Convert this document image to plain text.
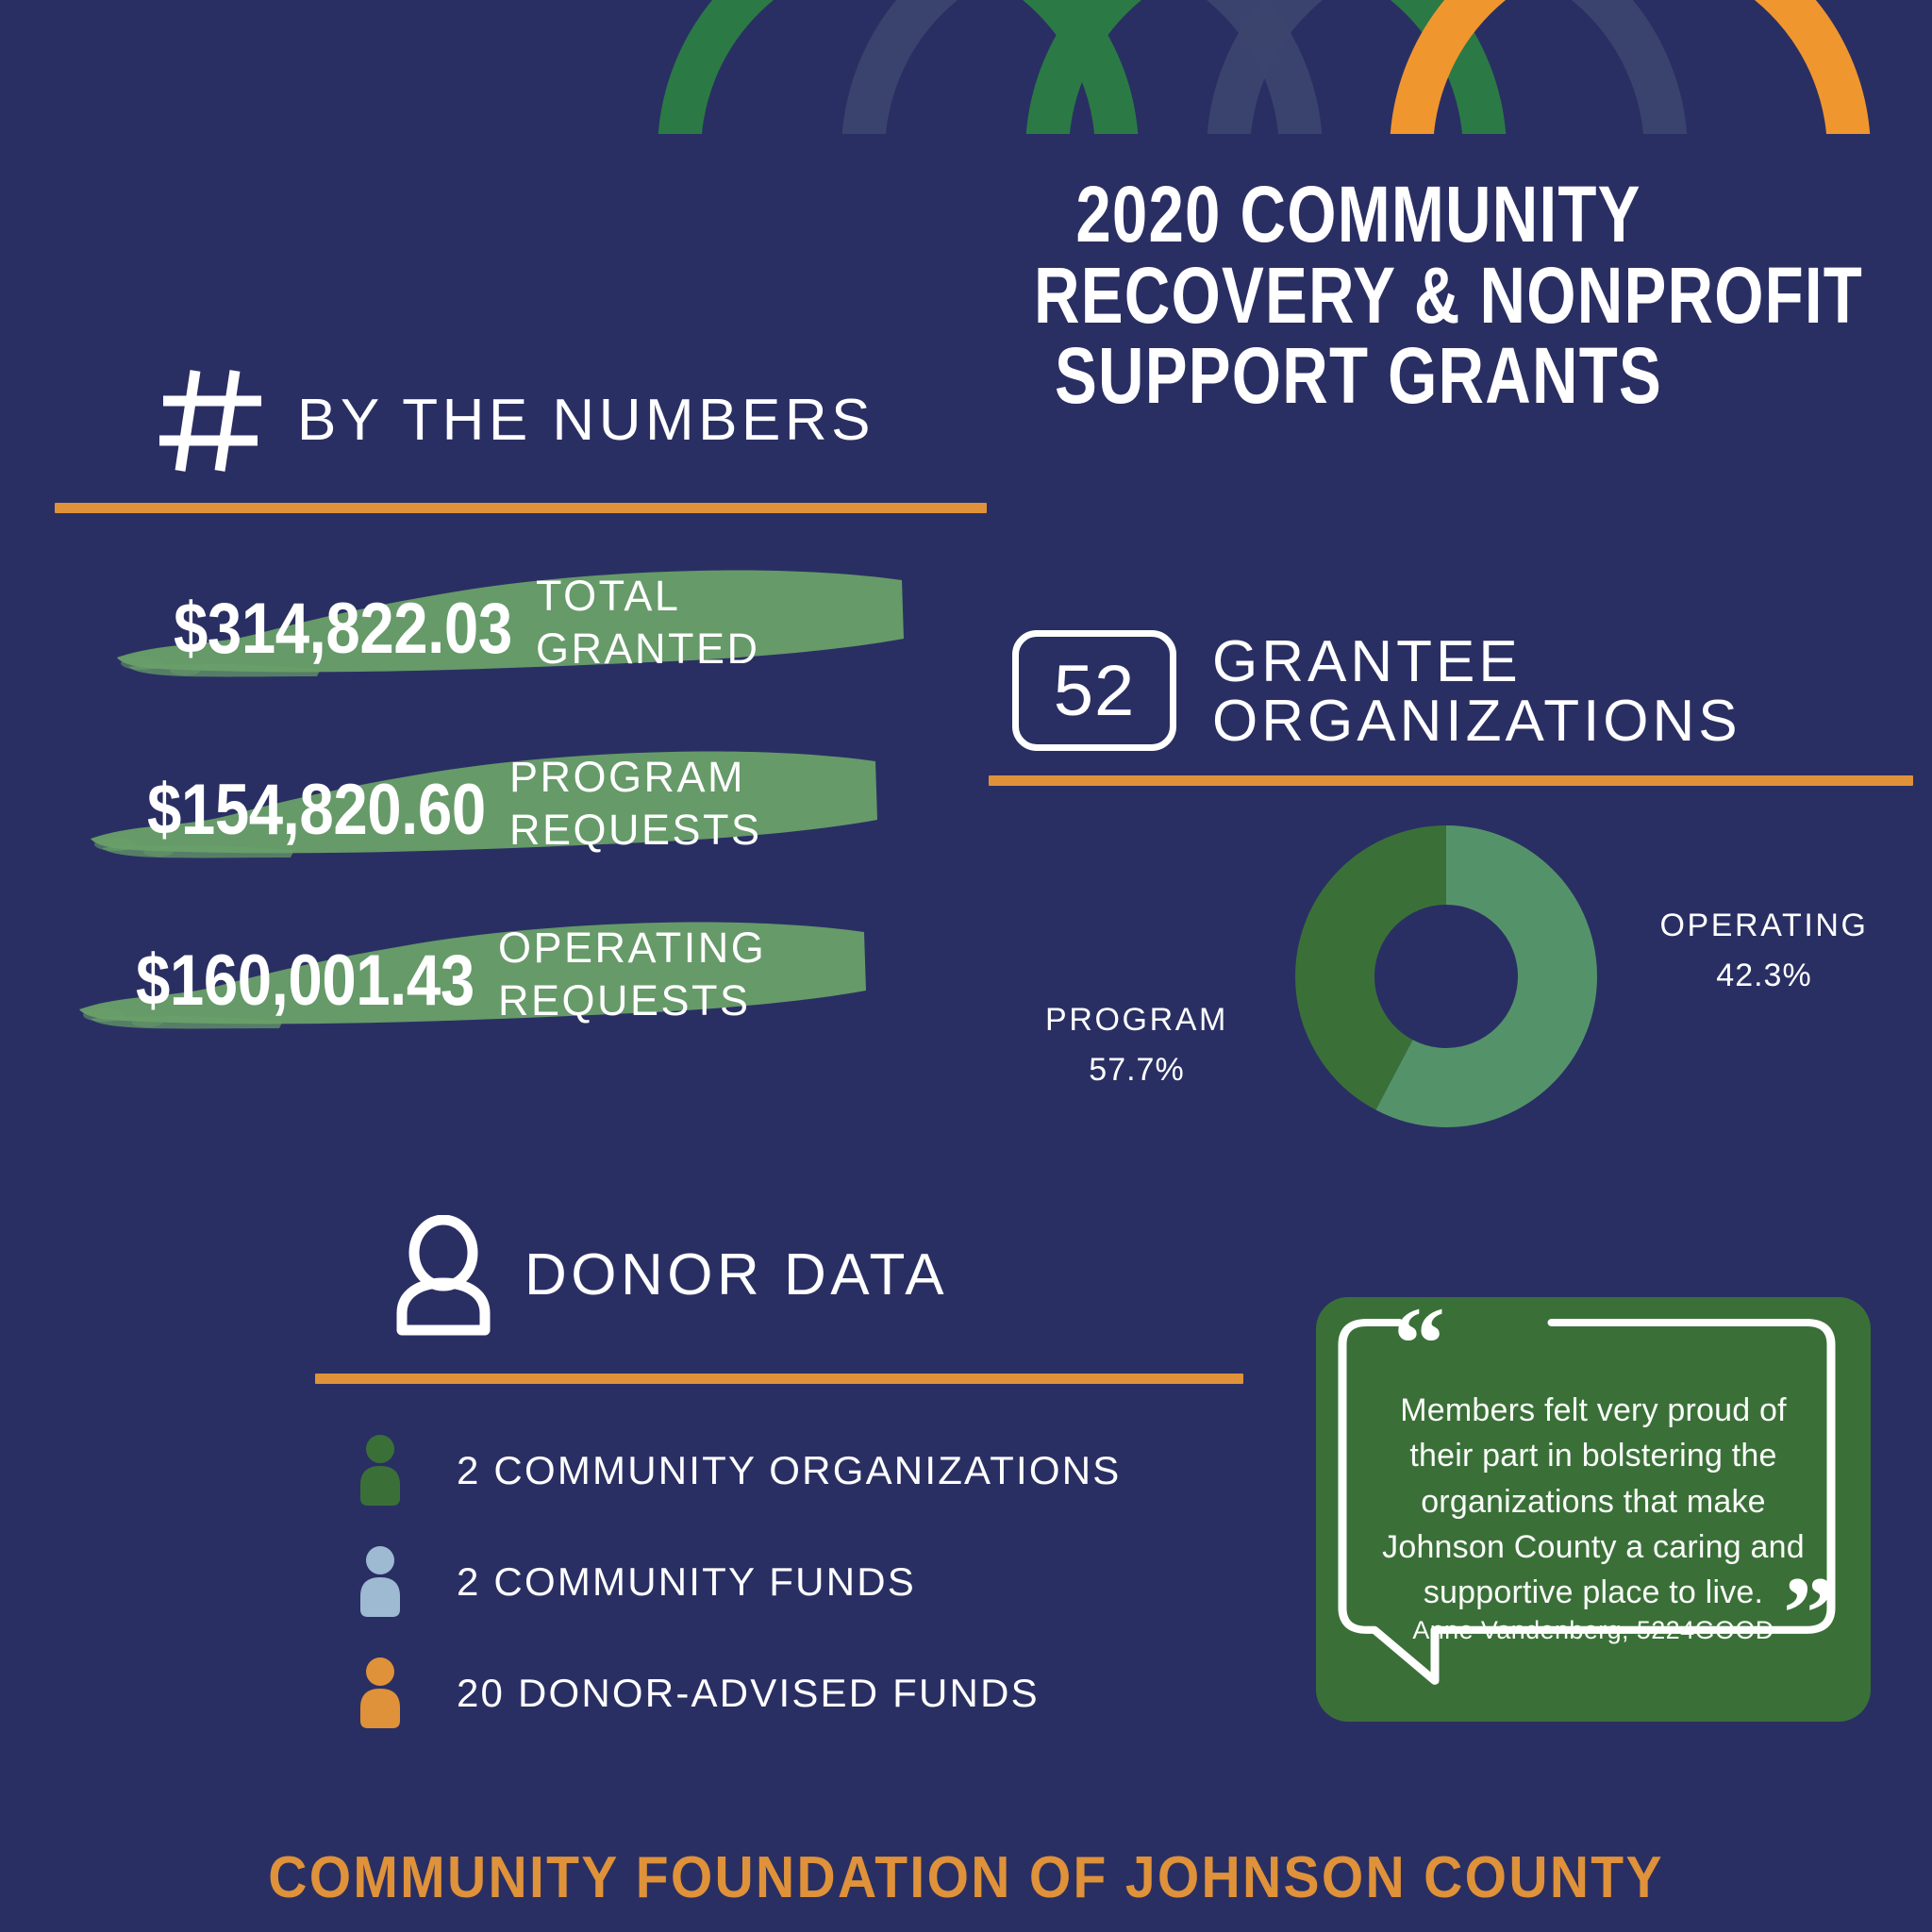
2020 COMMUNITY
RECOVERY & NONPROFIT
SUPPORT GRANTS
BY THE NUMBERS
$314,822.03 TOTAL
GRANTED
$154,820.60 PROGRAM
REQUESTS
$160,001.43 OPERATING
REQUESTS
52 GRANTEE
ORGANIZATIONS
PROGRAM
57.7%
OPERATING
42.3%
DONOR DATA
2 COMMUNITY ORGANIZATIONS
2 COMMUNITY FUNDS
20 DONOR-ADVISED FUNDS
“
”
Members felt very proud of
their part in bolstering the
organizations that make
Johnson County a caring and
supportive place to live.
Anne Vandenberg, 5224GOOD
COMMUNITY FOUNDATION OF JOHNSON COUNTY
